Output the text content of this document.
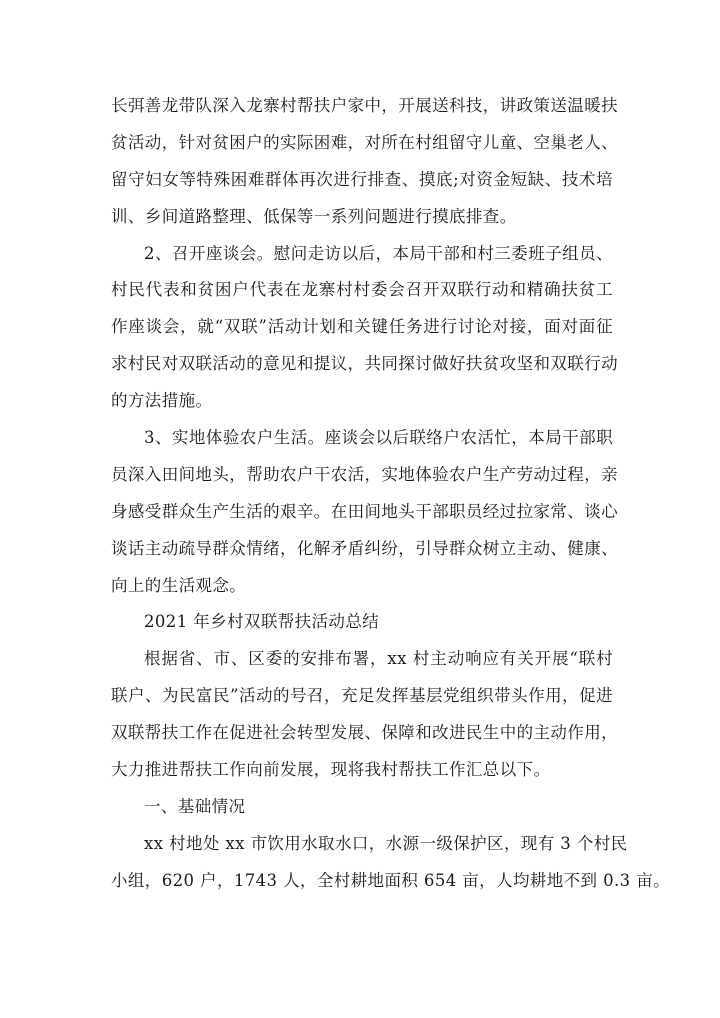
长弭善龙带队深入龙寨村帮扶户家中，开展送科技，讲政策送温暖扶
贫活动，针对贫困户的实际困难，对所在村组留守儿童、空巢老人、
留守妇女等特殊困难群体再次进行排查、摸底;对资金短缺、技术培
训、乡间道路整理、低保等一系列问题进行摸底排查。
2、召开座谈会。慰问走访以后，本局干部和村三委班子组员、
村民代表和贫困户代表在龙寨村村委会召开双联行动和精确扶贫工
作座谈会，就“双联”活动计划和关键任务进行讨论对接，面对面征
求村民对双联活动的意见和提议，共同探讨做好扶贫攻坚和双联行动
的方法措施。
3、实地体验农户生活。座谈会以后联络户农活忙，本局干部职
员深入田间地头，帮助农户干农活，实地体验农户生产劳动过程，亲
身感受群众生产生活的艰辛。在田间地头干部职员经过拉家常、谈心
谈话主动疏导群众情绪，化解矛盾纠纷，引导群众树立主动、健康、
向上的生活观念。
2021 年乡村双联帮扶活动总结
根据省、市、区委的安排布署，xx 村主动响应有关开展“联村
联户、为民富民”活动的号召，充足发挥基层党组织带头作用，促进
双联帮扶工作在促进社会转型发展、保障和改进民生中的主动作用，
大力推进帮扶工作向前发展，现将我村帮扶工作汇总以下。
一、基础情况
xx 村地处 xx 市饮用水取水口，水源一级保护区，现有 3 个村民
小组，620 户，1743 人，全村耕地面积 654 亩，人均耕地不到 0.3 亩。
